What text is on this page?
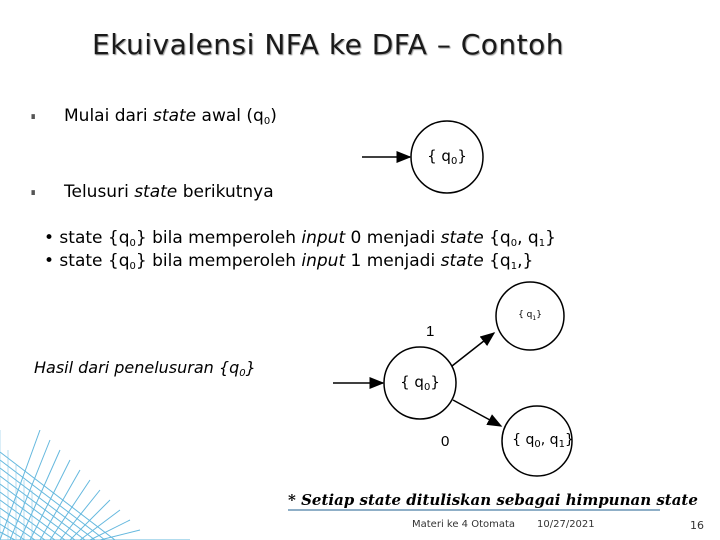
Ekuivalensi NFA ke DFA – Contoh
∎ Mulai dari state awal $(q_0)$
∎ Telusuri state berikutnya
• state $\{q_0\}$ bila memperoleh input 0 menjadi state {$q_0$, $q_1$}
• state $\{q_0\}$ bila memperoleh input 1 menjadi state $\{q_1,\}$
{ $q_0$}
{ $q_0$}
{ $q_1$}
{ $q_0$, $q_1$}
1
0
Hasil dari penelusuran $\{q_0\}$
* Setiap state dituliskan sebagai himpunan state
Materi ke 4 Otomata 10/27/2021	16
